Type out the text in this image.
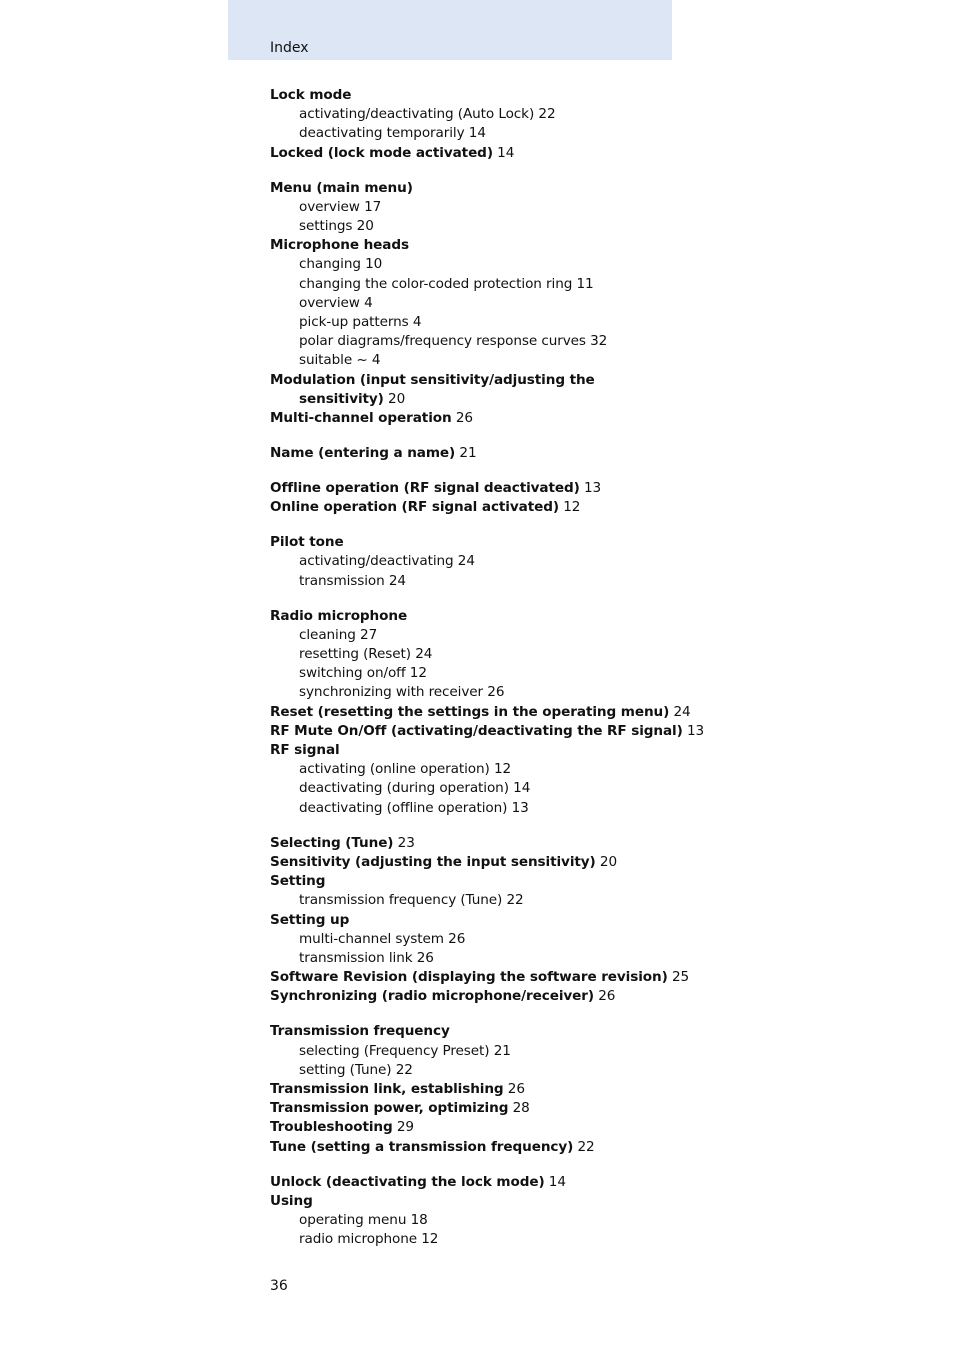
Index
Lock mode
activating/deactivating (Auto Lock) 22
deactivating temporarily 14
Locked (lock mode activated) 14
Menu (main menu)
overview 17
settings 20
Microphone heads
changing 10
changing the color-coded protection ring 11
overview 4
pick-up patterns 4
polar diagrams/frequency response curves 32
suitable ~ 4
Modulation (input sensitivity/adjusting the
sensitivity) 20
Multi-channel operation 26
Name (entering a name) 21
Offline operation (RF signal deactivated) 13
Online operation (RF signal activated) 12
Pilot tone
activating/deactivating 24
transmission 24
Radio microphone
cleaning 27
resetting (Reset) 24
switching on/off 12
synchronizing with receiver 26
Reset (resetting the settings in the operating menu) 24
RF Mute On/Off (activating/deactivating the RF signal) 13
RF signal
activating (online operation) 12
deactivating (during operation) 14
deactivating (offline operation) 13
Selecting (Tune) 23
Sensitivity (adjusting the input sensitivity) 20
Setting
transmission frequency (Tune) 22
Setting up
multi-channel system 26
transmission link 26
Software Revision (displaying the software revision) 25
Synchronizing (radio microphone/receiver) 26
Transmission frequency
selecting (Frequency Preset) 21
setting (Tune) 22
Transmission link, establishing 26
Transmission power, optimizing 28
Troubleshooting 29
Tune (setting a transmission frequency) 22
Unlock (deactivating the lock mode) 14
Using
operating menu 18
radio microphone 12
36
